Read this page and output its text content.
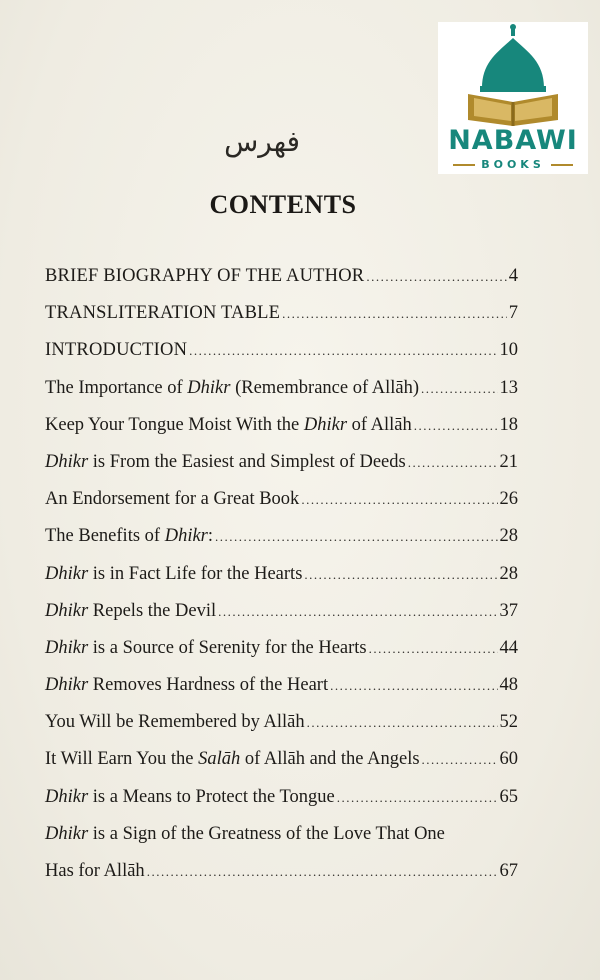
NABAWI
BOOKS
فهرس
CONTENTS
BRIEF BIOGRAPHY OF THE AUTHOR .....	4
TRANSLITERATION TABLE .....	7
INTRODUCTION .....	10
The Importance of Dhikr (Remembrance of Allāh) .....	13
Keep Your Tongue Moist With the Dhikr of Allāh .....	18
Dhikr is From the Easiest and Simplest of Deeds .....	21
An Endorsement for a Great Book .....	26
The Benefits of Dhikr: .....	28
Dhikr is in Fact Life for the Hearts .....	28
Dhikr Repels the Devil .....	37
Dhikr is a Source of Serenity for the Hearts .....	44
Dhikr Removes Hardness of the Heart .....	48
You Will be Remembered by Allāh .....	52
It Will Earn You the Salāh of Allāh and the Angels .....	60
Dhikr is a Means to Protect the Tongue .....	65
Dhikr is a Sign of the Greatness of the Love That One
Has for Allāh .....	67
